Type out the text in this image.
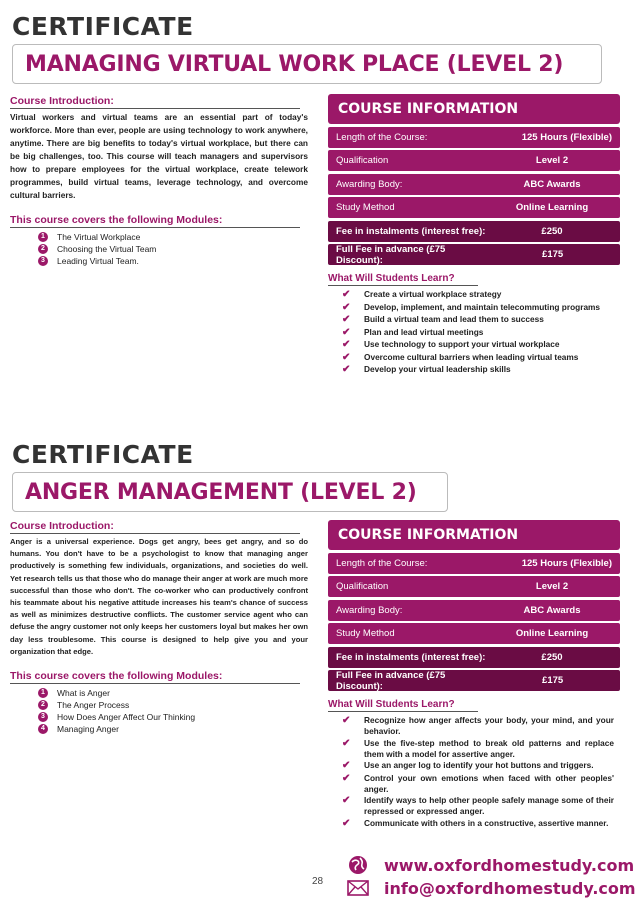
CERTIFICATE
MANAGING VIRTUAL WORK PLACE (LEVEL 2)
Course Introduction:

Virtual workers and virtual teams are an essential part of today's workforce. More than ever, people are using technology to work anywhere, anytime. There are big benefits to today's virtual workplace, but there can be big challenges, too. This course will teach managers and supervisors how to prepare employees for the virtual workplace, create telework programmes, build virtual teams, leverage technology, and overcome cultural barriers.

This course covers the following Modules:
1	The Virtual Workplace
2	Choosing the Virtual Team
3	Leading Virtual Team.
COURSE INFORMATION
Length of the Course:	125 Hours (Flexible)
Qualification	Level 2
Awarding Body:	ABC Awards
Study Method	Online Learning
Fee in instalments (interest free):	£250
Full Fee in advance (£75 Discount):	£175
What Will Students Learn?
✔ Create a virtual workplace strategy
✔ Develop, implement, and maintain telecommuting programs
✔ Build a virtual team and lead them to success
✔ Plan and lead virtual meetings
✔ Use technology to support your virtual workplace
✔ Overcome cultural barriers when leading virtual teams
✔ Develop your virtual leadership skills
CERTIFICATE
ANGER MANAGEMENT (LEVEL 2)
Course Introduction:

Anger is a universal experience. Dogs get angry, bees get angry, and so do humans. You don't have to be a psychologist to know that managing anger productively is something few individuals, organizations, and societies do well. Yet research tells us that those who do manage their anger at work are much more successful than those who don't. The co-worker who can productively confront his teammate about his negative attitude increases his team's chance of success as well as minimizes destructive conflicts. The customer service agent who can defuse the angry customer not only keeps her customers loyal but makes her own day less troublesome. This course is designed to help give you and your organization that edge.

This course covers the following Modules:
1	What is Anger
2	The Anger Process
3	How Does Anger Affect Our Thinking
4	Managing Anger
COURSE INFORMATION
Length of the Course:	125 Hours (Flexible)
Qualification	Level 2
Awarding Body:	ABC Awards
Study Method	Online Learning
Fee in instalments (interest free):	£250
Full Fee in advance (£75 Discount):	£175
What Will Students Learn?
✔ Recognize how anger affects your body, your mind, and your behavior.
✔ Use the five-step method to break old patterns and replace them with a model for assertive anger.
✔ Use an anger log to identify your hot buttons and triggers.
✔ Control your own emotions when faced with other peoples' anger.
✔ Identify ways to help other people safely manage some of their repressed or expressed anger.
✔ Communicate with others in a constructive, assertive manner.
28
www.oxfordhomestudy.com
info@oxfordhomestudy.com
